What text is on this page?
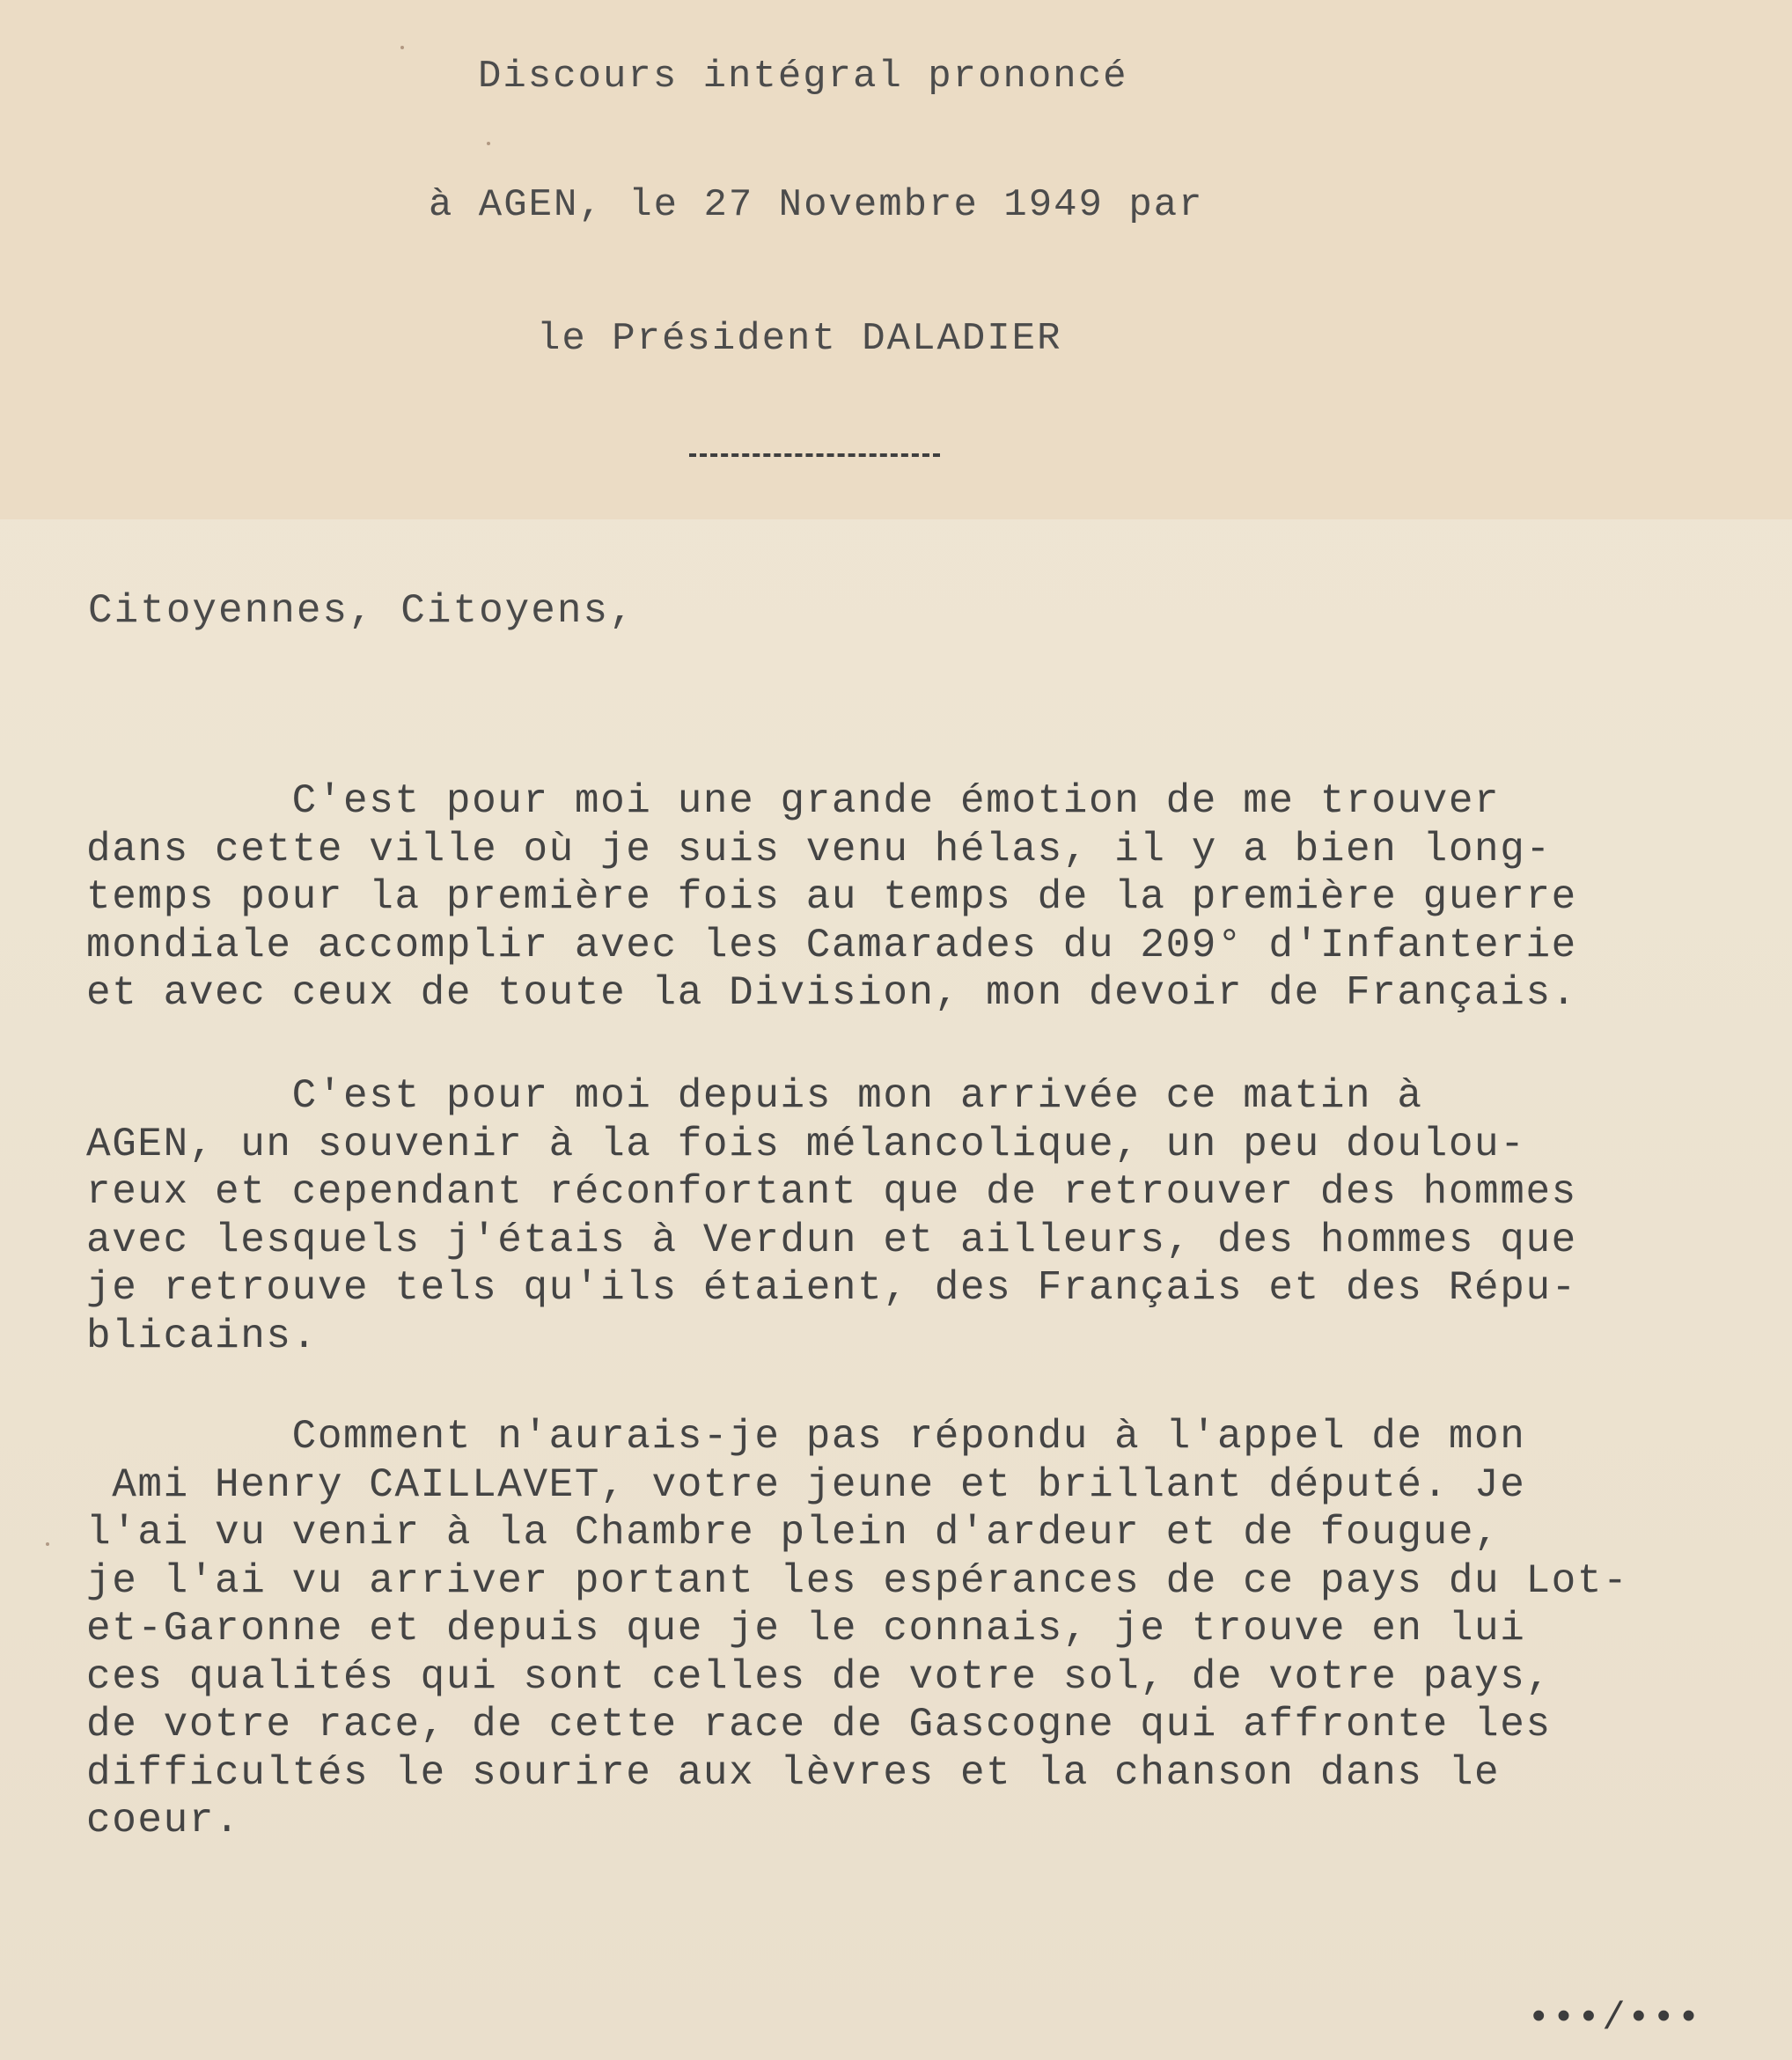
Discours intégral prononcé
à AGEN, le 27 Novembre 1949 par
le Président DALADIER
Citoyennes, Citoyens,
C'est pour moi une grande émotion de me trouver
dans cette ville où je suis venu hélas, il y a bien long-
temps pour la première fois au temps de la première guerre
mondiale accomplir avec les Camarades du 209° d'Infanterie
et avec ceux de toute la Division, mon devoir de Français.
C'est pour moi depuis mon arrivée ce matin à
AGEN, un souvenir à la fois mélancolique, un peu doulou-
reux et cependant réconfortant que de retrouver des hommes
avec lesquels j'étais à Verdun et ailleurs, des hommes que
je retrouve tels qu'ils étaient, des Français et des Répu-
blicains.
Comment n'aurais-je pas répondu à l'appel de mon
Ami Henry CAILLAVET, votre jeune et brillant député. Je
l'ai vu venir à la Chambre plein d'ardeur et de fougue,
je l'ai vu arriver portant les espérances de ce pays du Lot-
et-Garonne et depuis que je le connais, je trouve en lui
ces qualités qui sont celles de votre sol, de votre pays,
de votre race, de cette race de Gascogne qui affronte les
difficultés le sourire aux lèvres et la chanson dans le
coeur.
•••/•••
